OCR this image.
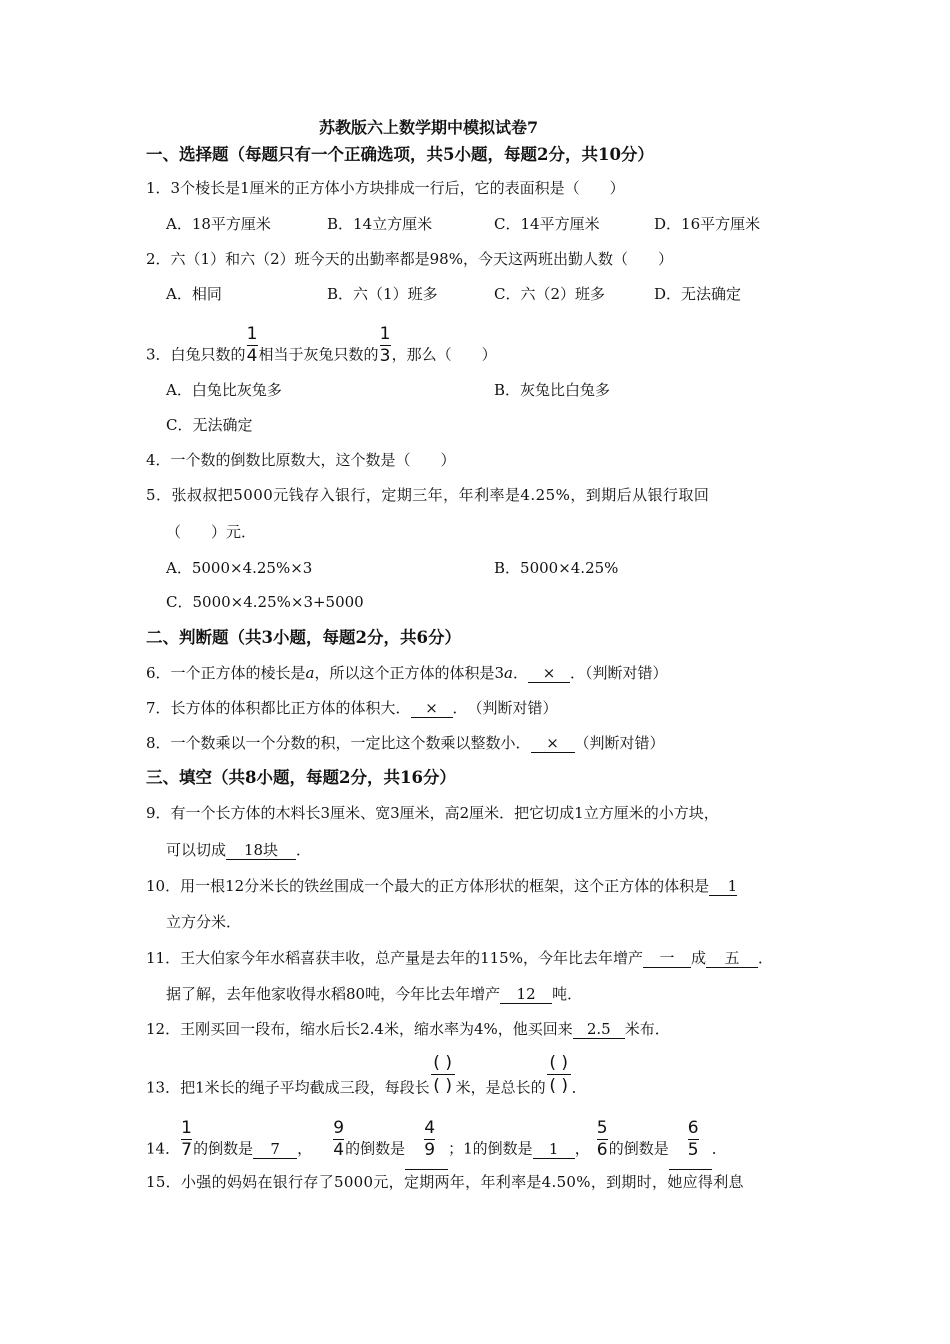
苏教版六上数学期中模拟试卷7
一、选择题（每题只有一个正确选项，共5小题，每题2分，共10分）
1．3个棱长是1厘米的正方体小方块排成一行后，它的表面积是（　　）
A．18平方厘米	B．14立方厘米	C．14平方厘米	D．16平方厘米
2．六（1）和六（2）班今天的出勤率都是98%，今天这两班出勤人数（　　）
A．相同	B．六（1）班多	C．六（2）班多	D．无法确定
3．白兔只数的 $\frac{1}{4}$ 相当于灰兔只数的 $\frac{1}{3}$ ，那么（　　）
A．白兔比灰兔多	B．灰兔比白兔多
C．无法确定
4．一个数的倒数比原数大，这个数是（　　）
5．张叔叔把5000元钱存入银行，定期三年，年利率是4.25%，到期后从银行取回
（　　）元．
A．5000×4.25%×3	B．5000×4.25%
C．5000×4.25%×3+5000
二、判断题（共3小题，每题2分，共6分）
6．一个正方体的棱长是a，所以这个正方体的体积是3a． × ．（判断对错）
7．长方体的体积都比正方体的体积大． × ．　（判断对错）
8．一个数乘以一个分数的积，一定比这个数乘以整数小． × （判断对错）
三、填空（共8小题，每题2分，共16分）
9．有一个长方体的木料长3厘米、宽3厘米，高2厘米．把它切成1立方厘米的小方块，
可以切成 18块 ．
10．用一根12分米长的铁丝围成一个最大的正方体形状的框架，这个正方体的体积是 1
立方分米．
11．王大伯家今年水稻喜获丰收，总产量是去年的115%，今年比去年增产 一 成 五 ．
据了解，去年他家收得水稻80吨，今年比去年增产 12 吨．
12．王刚买回一段布，缩水后长2.4米，缩水率为4%，他买回来 2.5 米布．
13．把1米长的绳子平均截成三段，每段长
( )
( ) 米，是总长的
( )
( ) ．
14． $\frac{1}{7}$ 的倒数是 7 ， $\frac{9}{4}$ 的倒数是 $\frac{4}{9}$ ；1的倒数是 1 ， $\frac{5}{6}$ 的倒数是 $\frac{6}{5}$ ．
15．小强的妈妈在银行存了5000元，定期两年，年利率是4.50%，到期时，她应得利息
